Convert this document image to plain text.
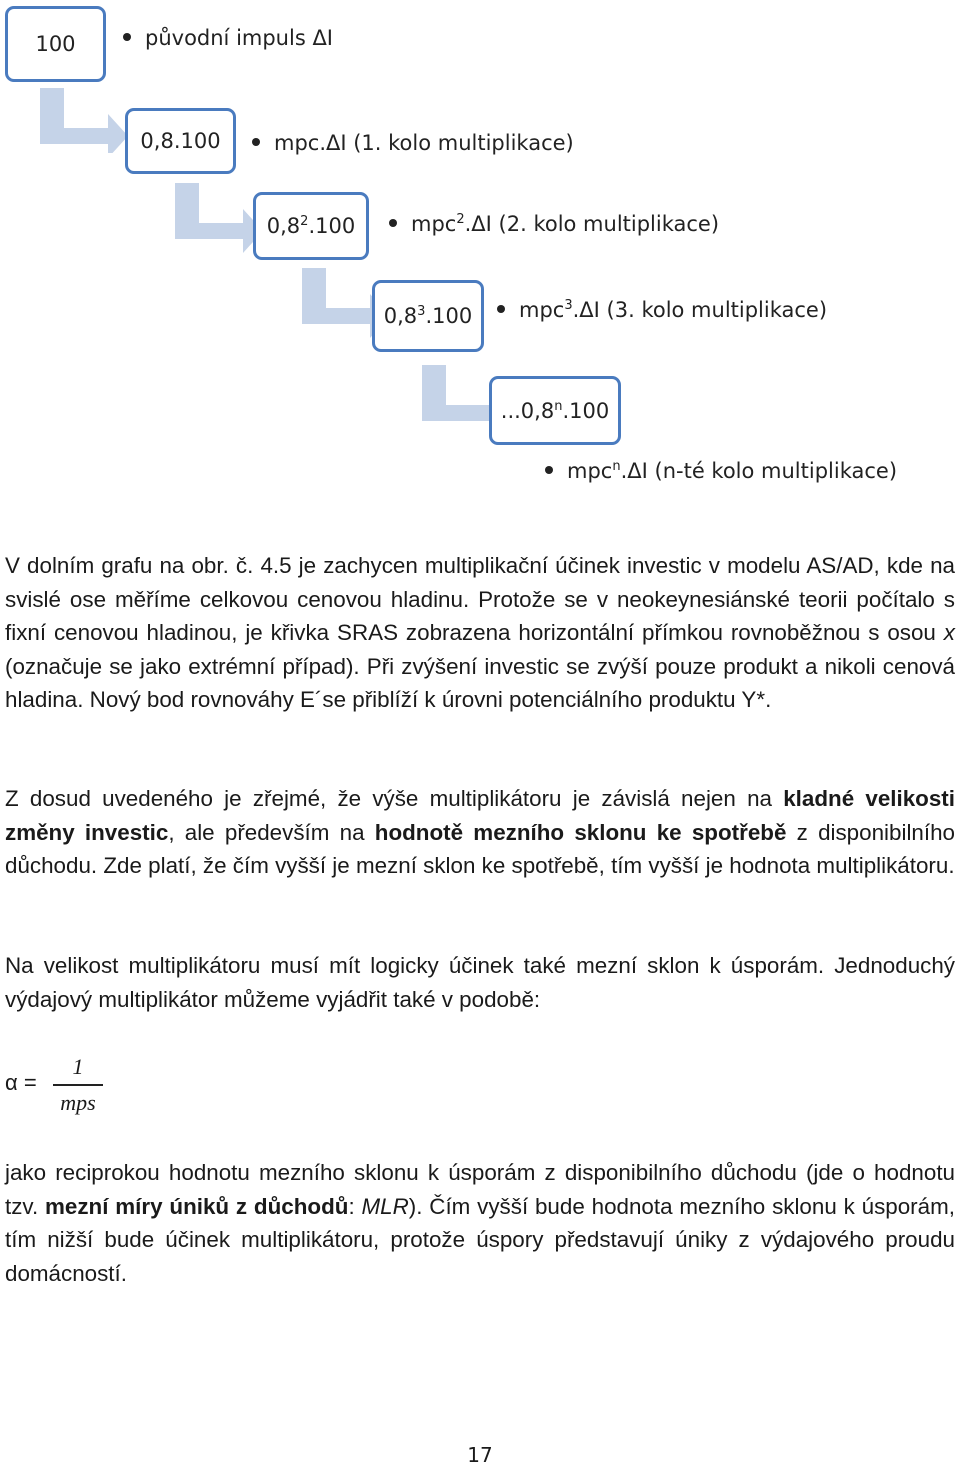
100	původní impuls ΔI
0,8.100	mpc.ΔI (1. kolo multiplikace)
$0,8^2.100$	mpc$^2$.ΔI (2. kolo multiplikace)
$0,8^3.100$	mpc$^3$.ΔI (3. kolo multiplikace)
...0,8$^n$.100
mpc$^n$.ΔI (n-té kolo multiplikace)

V dolním grafu na obr. č. 4.5 je zachycen multiplikační účinek investic v modelu AS/AD, kde na svislé ose měříme celkovou cenovou hladinu. Protože se v neokeynesiánské teorii počítalo s fixní cenovou hladinou, je křivka SRAS zobrazena horizontální přímkou rovnoběžnou s osou x (označuje se jako extrémní případ). Při zvýšení investic se zvýší pouze produkt a nikoli cenová hladina. Nový bod rovnováhy E´se přiblíží k úrovni potenciálního produktu Y*.

Z dosud uvedeného je zřejmé, že výše multiplikátoru je závislá nejen na kladné velikosti změny investic, ale především na hodnotě mezního sklonu ke spotřebě z disponibilního důchodu. Zde platí, že čím vyšší je mezní sklon ke spotřebě, tím vyšší je hodnota multiplikátoru.

Na velikost multiplikátoru musí mít logicky účinek také mezní sklon k úsporám. Jednoduchý výdajový multiplikátor můžeme vyjádřit také v podobě:

α =
1
mps

jako reciprokou hodnotu mezního sklonu k úsporám z disponibilního důchodu (jde o hodnotu tzv. mezní míry úniků z důchodů: MLR). Čím vyšší bude hodnota mezního sklonu k úsporám, tím nižší bude účinek multiplikátoru, protože úspory představují úniky z výdajového proudu domácností.

17
